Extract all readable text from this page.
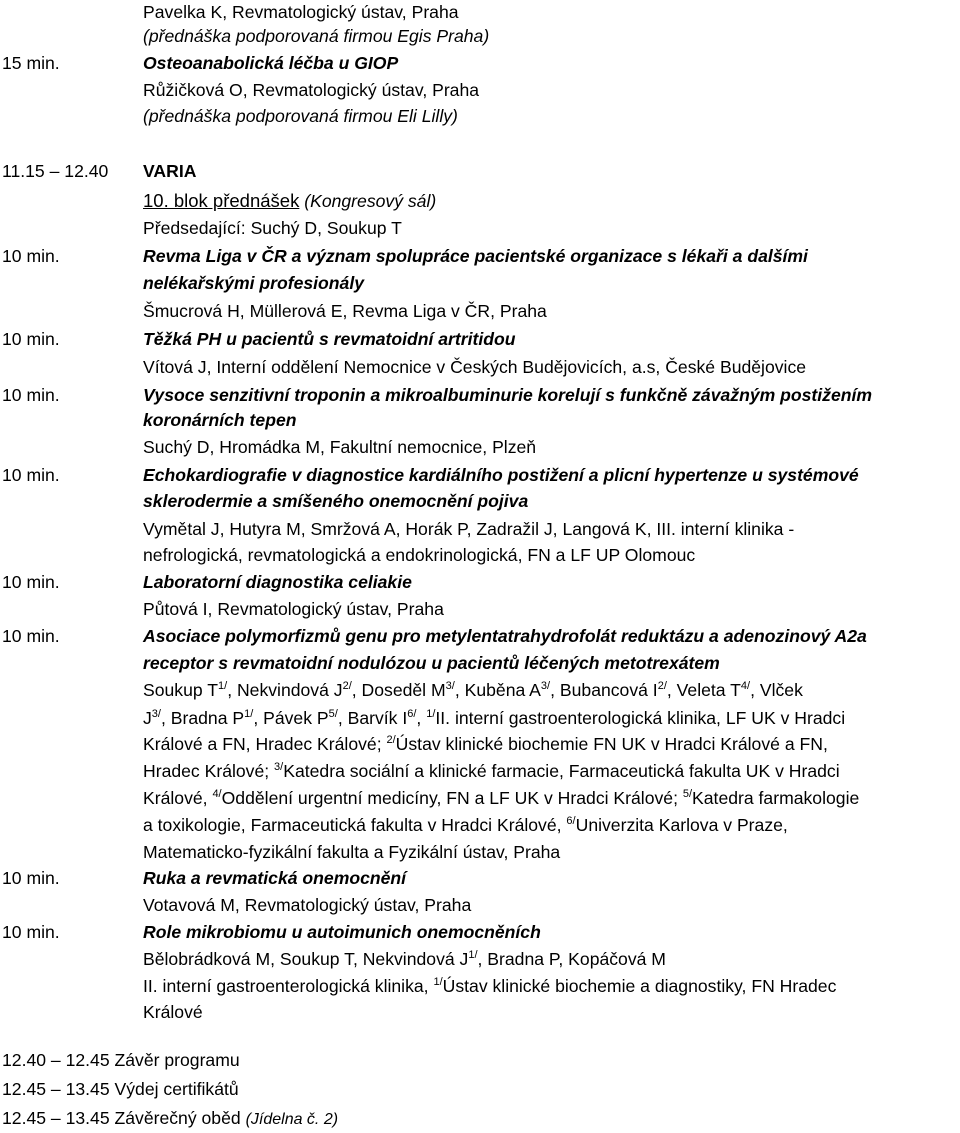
Pavelka K, Revmatologický ústav, Praha
(přednáška podporovaná firmou Egis Praha)
15 min.	Osteoanabolická léčba u GIOP
Růžičková O, Revmatologický ústav, Praha
(přednáška podporovaná firmou Eli Lilly)
11.15 – 12.40 VARIA
10. blok přednášek (Kongresový sál)
Předsedající: Suchý D, Soukup T
10 min.	Revma Liga v ČR a význam spolupráce pacientské organizace s lékaři a dalšími
nelékařskými profesionály
Šmucrová H, Müllerová E, Revma Liga v ČR, Praha
10 min.	Těžká PH u pacientů s revmatoidní artritidou
Vítová J, Interní oddělení Nemocnice v Českých Budějovicích, a.s, České Budějovice
10 min.	Vysoce senzitivní troponin a mikroalbuminurie korelují s funkčně závažným postižením
koronárních tepen
Suchý D, Hromádka M, Fakultní nemocnice, Plzeň
10 min.	Echokardiografie v diagnostice kardiálního postižení a plicní hypertenze u systémové
sklerodermie a smíšeného onemocnění pojiva
Vymětal J, Hutyra M, Smržová A, Horák P, Zadražil J, Langová K, III. interní klinika -
nefrologická, revmatologická a endokrinologická, FN a LF UP Olomouc
10 min.	Laboratorní diagnostika celiakie
Půtová I, Revmatologický ústav, Praha
10 min.	Asociace polymorfizmů genu pro metylentatrahydrofolát reduktázu a adenozinový A2a
receptor s revmatoidní nodulózou u pacientů léčených metotrexátem
Soukup $T^{1/}$, Nekvindová $J^{2/}$, Doseděl $M^{3/}$, Kuběna $A^{3/}$, Bubancová $I^{2/}$, Veleta $T^{4/}$, Vlček
$J^{3/}$, Bradna $P^{1/}$, Pávek $P^{5/}$, Barvík $I^{6/}$, $^{1/}$II. interní gastroenterologická klinika, LF UK v Hradci
Králové a FN, Hradec Králové; $^{2/}$Ústav klinické biochemie FN UK v Hradci Králové a FN,
Hradec Králové; $^{3/}$Katedra sociální a klinické farmacie, Farmaceutická fakulta UK v Hradci
Králové, $^{4/}$Oddělení urgentní medicíny, FN a LF UK v Hradci Králové; $^{5/}$Katedra farmakologie
a toxikologie, Farmaceutická fakulta v Hradci Králové, $^{6/}$Univerzita Karlova v Praze,
Matematicko-fyzikální fakulta a Fyzikální ústav, Praha
10 min.	Ruka a revmatická onemocnění
Votavová M, Revmatologický ústav, Praha
10 min.	Role mikrobiomu u autoimunich onemocněních
Bělobrádková M, Soukup T, Nekvindová $J^{1/}$, Bradna P, Kopáčová M
II. interní gastroenterologická klinika, $^{1/}$Ústav klinické biochemie a diagnostiky, FN Hradec
Králové
12.40 – 12.45 Závěr programu
12.45 – 13.45 Výdej certifikátů
12.45 – 13.45 Závěrečný oběd (Jídelna č. 2)
